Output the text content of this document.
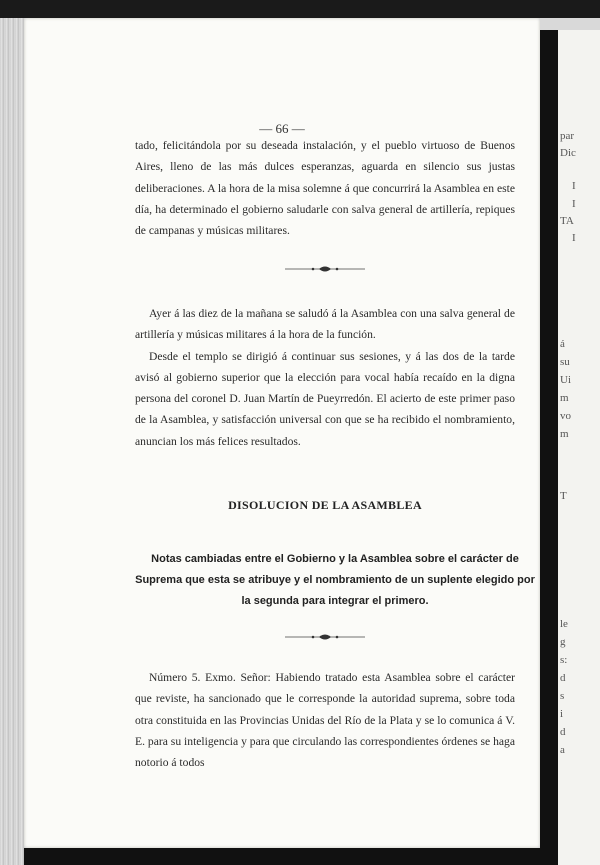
— 66 —

tado, felicitándola por su deseada instalación, y el pueblo virtuoso de Buenos Aires, lleno de las más dulces esperanzas, aguarda en silencio sus justas deliberaciones. A la hora de la misa solemne á que concurrirá la Asamblea en este día, ha determinado el gobierno saludarle con salva general de artillería, repiques de campanas y músicas militares.

Ayer á las diez de la mañana se saludó á la Asamblea con una salva general de artillería y músicas militares á la hora de la función.

Desde el templo se dirigió á continuar sus sesiones, y á las dos de la tarde avisó al gobierno superior que la elección para vocal había recaído en la digna persona del coronel D. Juan Martín de Pueyrredón. El acierto de este primer paso de la Asamblea, y satisfacción universal con que se ha recibido el nombramiento, anuncian los más felices resultados.

DISOLUCION DE LA ASAMBLEA
Notas cambiadas entre el Gobierno y la Asamblea sobre el carácter de Suprema que esta se atribuye y el nombramiento de un suplente elegido por la segunda para integrar el primero.

Número 5. Exmo. Señor: Habiendo tratado esta Asamblea sobre el carácter que reviste, ha sancionado que le corresponde la autoridad suprema, sobre toda otra constituida en las Provincias Unidas del Río de la Plata y se lo comunica á V. E. para su inteligencia y para que circulando las correspondientes órdenes se haga notorio á todos

par
Dic
I
I
TA
I
á
su
Ui
m
vo
m
T
le
g
s:
d
s
i
d
a
